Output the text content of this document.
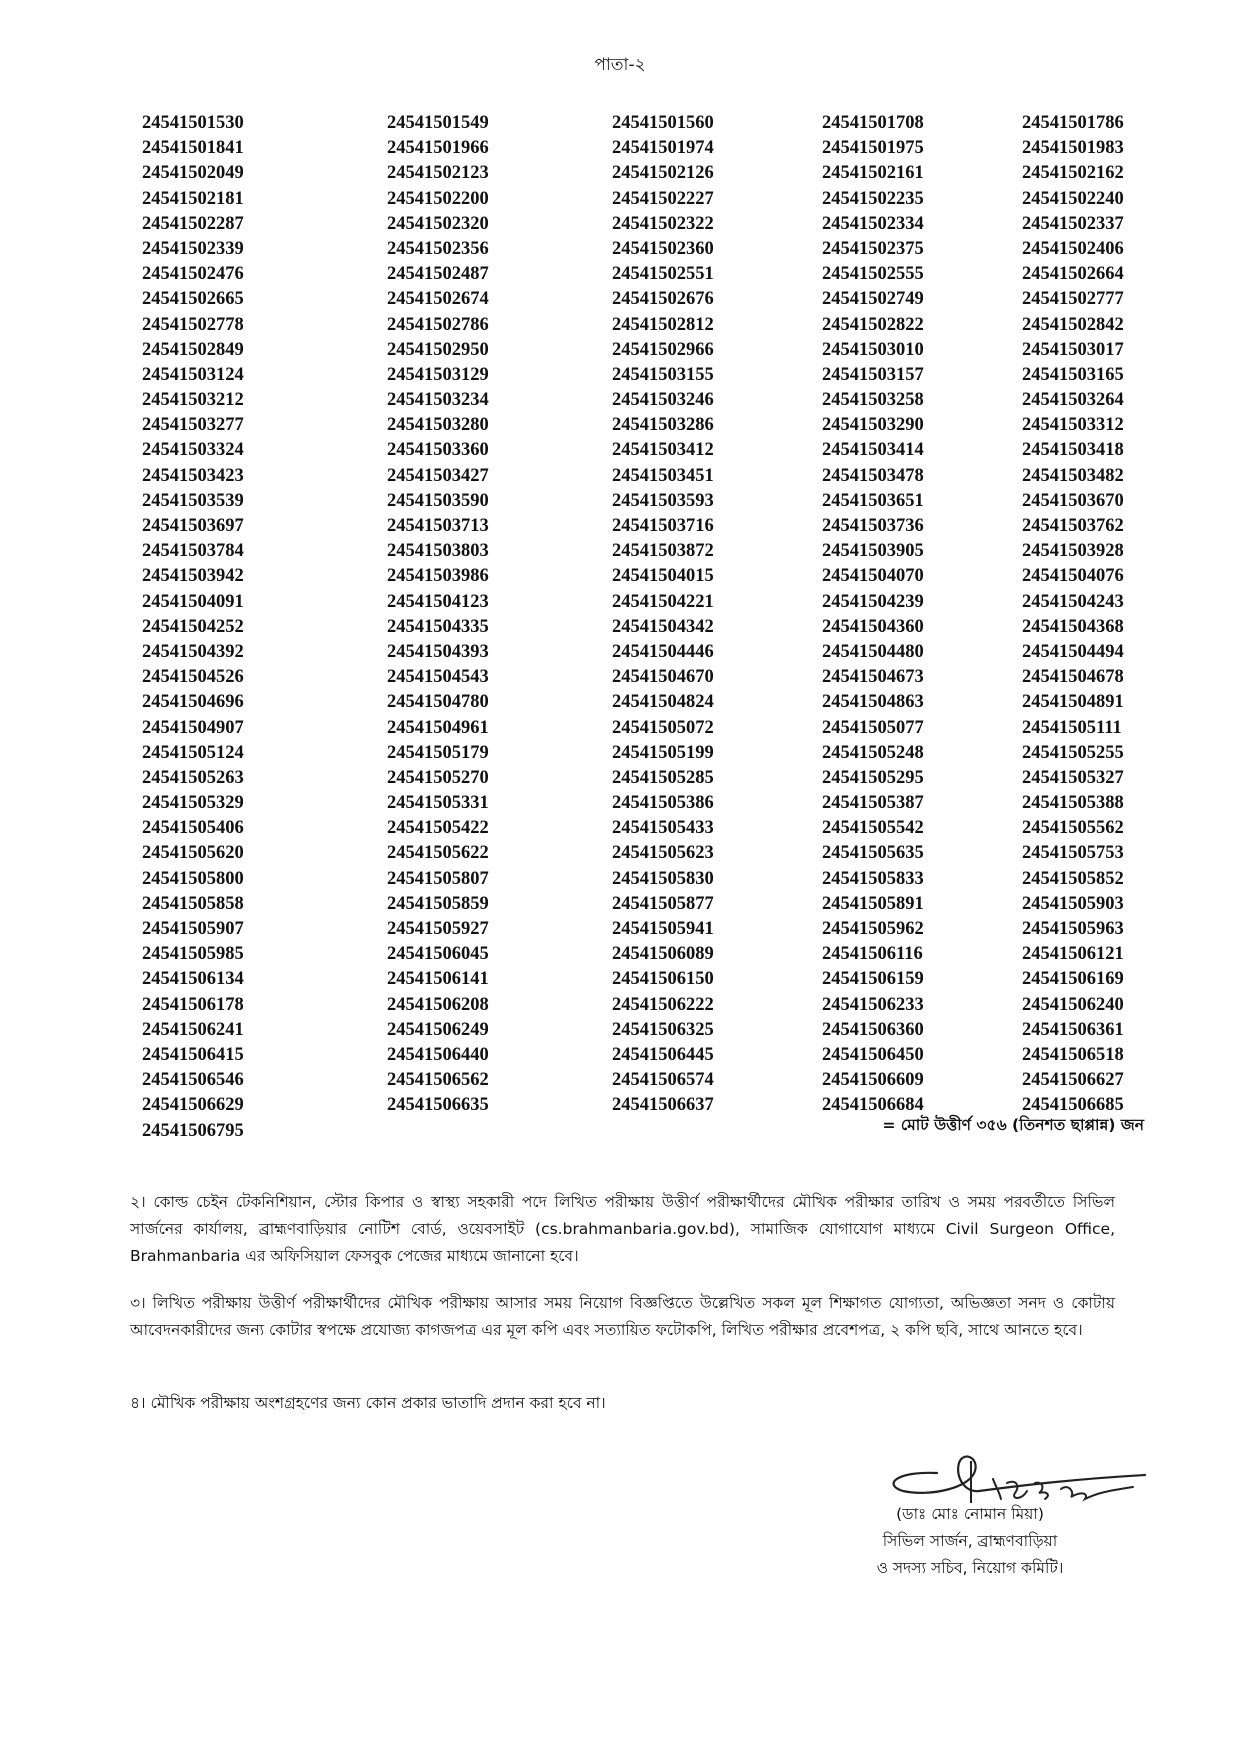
পাতা-২
24541501530	24541501549	24541501560	24541501708	24541501786
24541501841	24541501966	24541501974	24541501975	24541501983
24541502049	24541502123	24541502126	24541502161	24541502162
24541502181	24541502200	24541502227	24541502235	24541502240
24541502287	24541502320	24541502322	24541502334	24541502337
24541502339	24541502356	24541502360	24541502375	24541502406
24541502476	24541502487	24541502551	24541502555	24541502664
24541502665	24541502674	24541502676	24541502749	24541502777
24541502778	24541502786	24541502812	24541502822	24541502842
24541502849	24541502950	24541502966	24541503010	24541503017
24541503124	24541503129	24541503155	24541503157	24541503165
24541503212	24541503234	24541503246	24541503258	24541503264
24541503277	24541503280	24541503286	24541503290	24541503312
24541503324	24541503360	24541503412	24541503414	24541503418
24541503423	24541503427	24541503451	24541503478	24541503482
24541503539	24541503590	24541503593	24541503651	24541503670
24541503697	24541503713	24541503716	24541503736	24541503762
24541503784	24541503803	24541503872	24541503905	24541503928
24541503942	24541503986	24541504015	24541504070	24541504076
24541504091	24541504123	24541504221	24541504239	24541504243
24541504252	24541504335	24541504342	24541504360	24541504368
24541504392	24541504393	24541504446	24541504480	24541504494
24541504526	24541504543	24541504670	24541504673	24541504678
24541504696	24541504780	24541504824	24541504863	24541504891
24541504907	24541504961	24541505072	24541505077	24541505111
24541505124	24541505179	24541505199	24541505248	24541505255
24541505263	24541505270	24541505285	24541505295	24541505327
24541505329	24541505331	24541505386	24541505387	24541505388
24541505406	24541505422	24541505433	24541505542	24541505562
24541505620	24541505622	24541505623	24541505635	24541505753
24541505800	24541505807	24541505830	24541505833	24541505852
24541505858	24541505859	24541505877	24541505891	24541505903
24541505907	24541505927	24541505941	24541505962	24541505963
24541505985	24541506045	24541506089	24541506116	24541506121
24541506134	24541506141	24541506150	24541506159	24541506169
24541506178	24541506208	24541506222	24541506233	24541506240
24541506241	24541506249	24541506325	24541506360	24541506361
24541506415	24541506440	24541506445	24541506450	24541506518
24541506546	24541506562	24541506574	24541506609	24541506627
24541506629	24541506635	24541506637	24541506684	24541506685
24541506795	= মোট উত্তীর্ণ ৩৫৬ (তিনশত ছাপ্পান্ন) জন
২। কোল্ড চেইন টেকনিশিয়ান, স্টোর কিপার ও স্বাস্থ্য সহকারী পদে লিখিত পরীক্ষায় উত্তীর্ণ পরীক্ষার্থীদের মৌখিক পরীক্ষার তারিখ ও সময় পরবর্তীতে সিভিল সার্জনের কার্যালয়, ব্রাহ্মণবাড়িয়ার নোটিশ বোর্ড, ওয়েবসাইট (cs.brahmanbaria.gov.bd), সামাজিক যোগাযোগ মাধ্যমে Civil Surgeon Office, Brahmanbaria এর অফিসিয়াল ফেসবুক পেজের মাধ্যমে জানানো হবে।
৩। লিখিত পরীক্ষায় উত্তীর্ণ পরীক্ষার্থীদের মৌখিক পরীক্ষায় আসার সময় নিয়োগ বিজ্ঞপ্তিতে উল্লেখিত সকল মূল শিক্ষাগত যোগ্যতা, অভিজ্ঞতা সনদ ও কোটায় আবেদনকারীদের জন্য কোটার স্বপক্ষে প্রযোজ্য কাগজপত্র এর মূল কপি এবং সত্যায়িত ফটোকপি, লিখিত পরীক্ষার প্রবেশপত্র, ২ কপি ছবি, সাথে আনতে হবে।
৪। মৌখিক পরীক্ষায় অংশগ্রহণের জন্য কোন প্রকার ভাতাদি প্রদান করা হবে না।
(ডাঃ মোঃ নোমান মিয়া)
সিভিল সার্জন, ব্রাহ্মণবাড়িয়া
ও সদস্য সচিব, নিয়োগ কমিটি।
